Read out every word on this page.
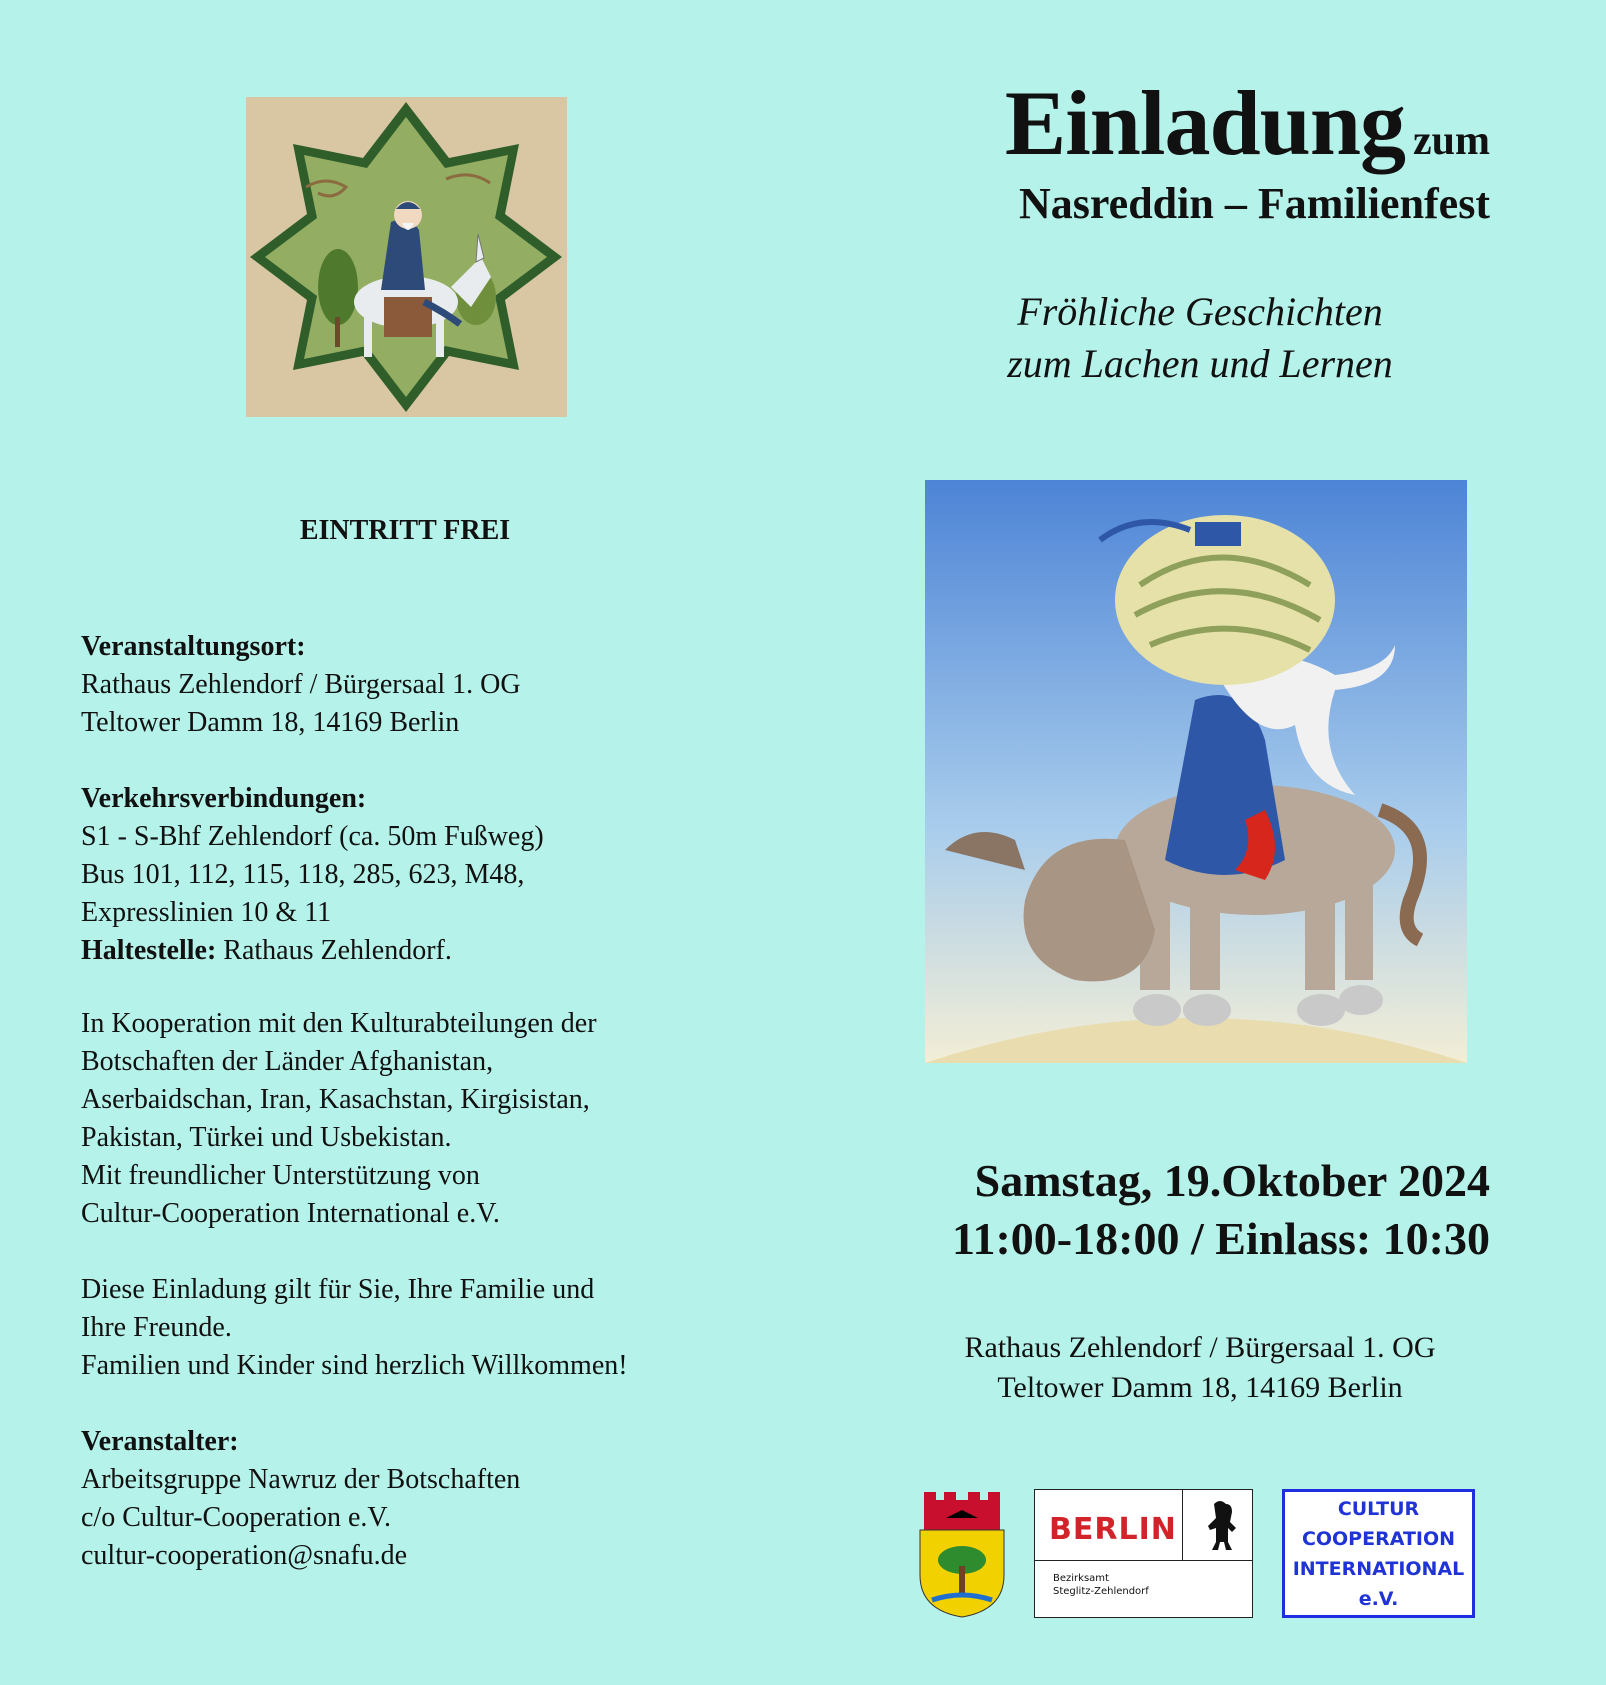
EINTRITT FREI
Veranstaltungsort:
Rathaus Zehlendorf / Bürgersaal 1. OG
Teltower Damm 18, 14169 Berlin
Verkehrsverbindungen:
S1 - S-Bhf Zehlendorf (ca. 50m Fußweg)
Bus 101, 112, 115, 118, 285, 623, M48,
Expresslinien 10 & 11
Haltestelle: Rathaus Zehlendorf.
In Kooperation mit den Kulturabteilungen der
Botschaften der Länder Afghanistan,
Aserbaidschan, Iran, Kasachstan, Kirgisistan,
Pakistan, Türkei und Usbekistan.
Mit freundlicher Unterstützung von
Cultur-Cooperation International e.V.
Diese Einladung gilt für Sie, Ihre Familie und
Ihre Freunde.
Familien und Kinder sind herzlich Willkommen!
Veranstalter:
Arbeitsgruppe Nawruz der Botschaften
c/o Cultur-Cooperation e.V.
cultur-cooperation@snafu.de
Einladung zum
Nasreddin – Familienfest
Fröhliche Geschichten
zum Lachen und Lernen
Samstag, 19.Oktober 2024
11:00-18:00 / Einlass: 10:30
Rathaus Zehlendorf / Bürgersaal 1. OG
Teltower Damm 18, 14169 Berlin
BERLIN
Bezirksamt
Steglitz-Zehlendorf
CULTUR
COOPERATION
INTERNATIONAL
e.V.
